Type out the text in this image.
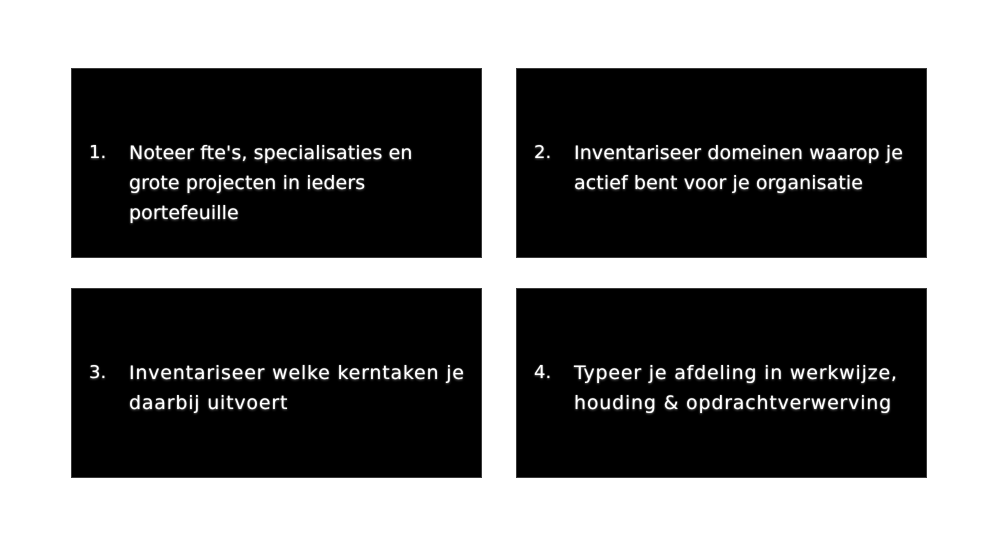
1.	Noteer fte's, specialisaties en grote projecten in ieders portefeuille
2.	Inventariseer domeinen waarop je actief bent voor je organisatie
3.	Inventariseer welke kerntaken je daarbij uitvoert
4.	Typeer je afdeling in werkwijze, houding & opdrachtverwerving
